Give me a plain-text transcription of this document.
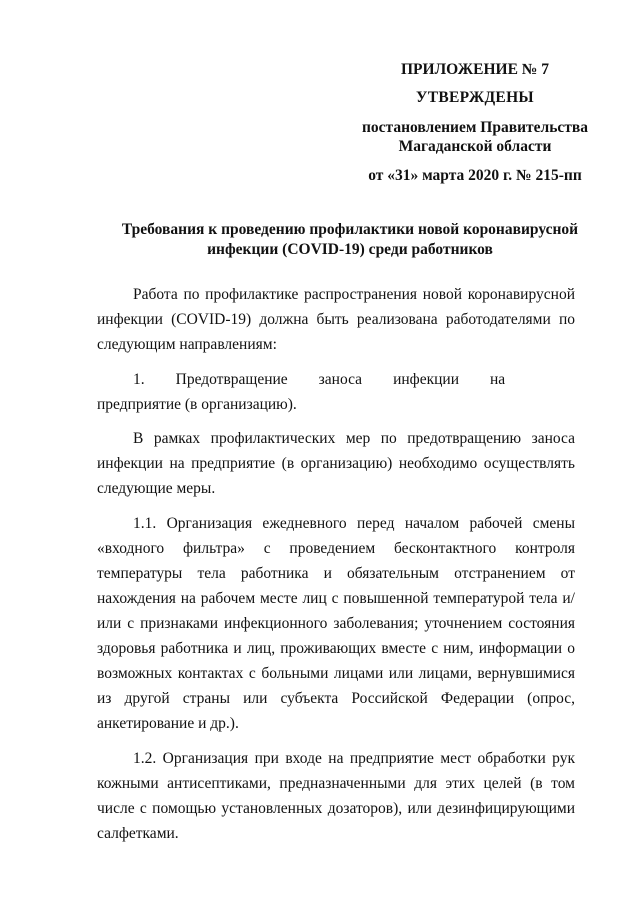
ПРИЛОЖЕНИЕ № 7
УТВЕРЖДЕНЫ
постановлением Правительства
Магаданской области
от «31» марта 2020 г. № 215-пп
Требования к проведению профилактики новой коронавирусной
инфекции (COVID-19) среди работников

Работа по профилактике распространения новой коронавирусной инфекции (COVID-19) должна быть реализована работодателями по следующим направлениям:

1.  Предотвращение  заноса  инфекции  на  предприятие (в организацию).

В рамках профилактических мер по предотвращению заноса инфекции на предприятие (в организацию) необходимо осуществлять следующие меры.

1.1. Организация ежедневного перед началом рабочей смены «входного фильтра» с проведением бесконтактного контроля температуры тела работника и обязательным отстранением от нахождения на рабочем месте лиц с повышенной температурой тела и/или с признаками инфекционного заболевания; уточнением состояния здоровья работника и лиц, проживающих вместе с ним, информации о возможных контактах с больными лицами или лицами, вернувшимися из другой страны или субъекта Российской Федерации (опрос, анкетирование и др.).

1.2. Организация при входе на предприятие мест обработки рук кожными антисептиками, предназначенными для этих целей (в том числе с помощью установленных дозаторов), или дезинфицирующими салфетками.
